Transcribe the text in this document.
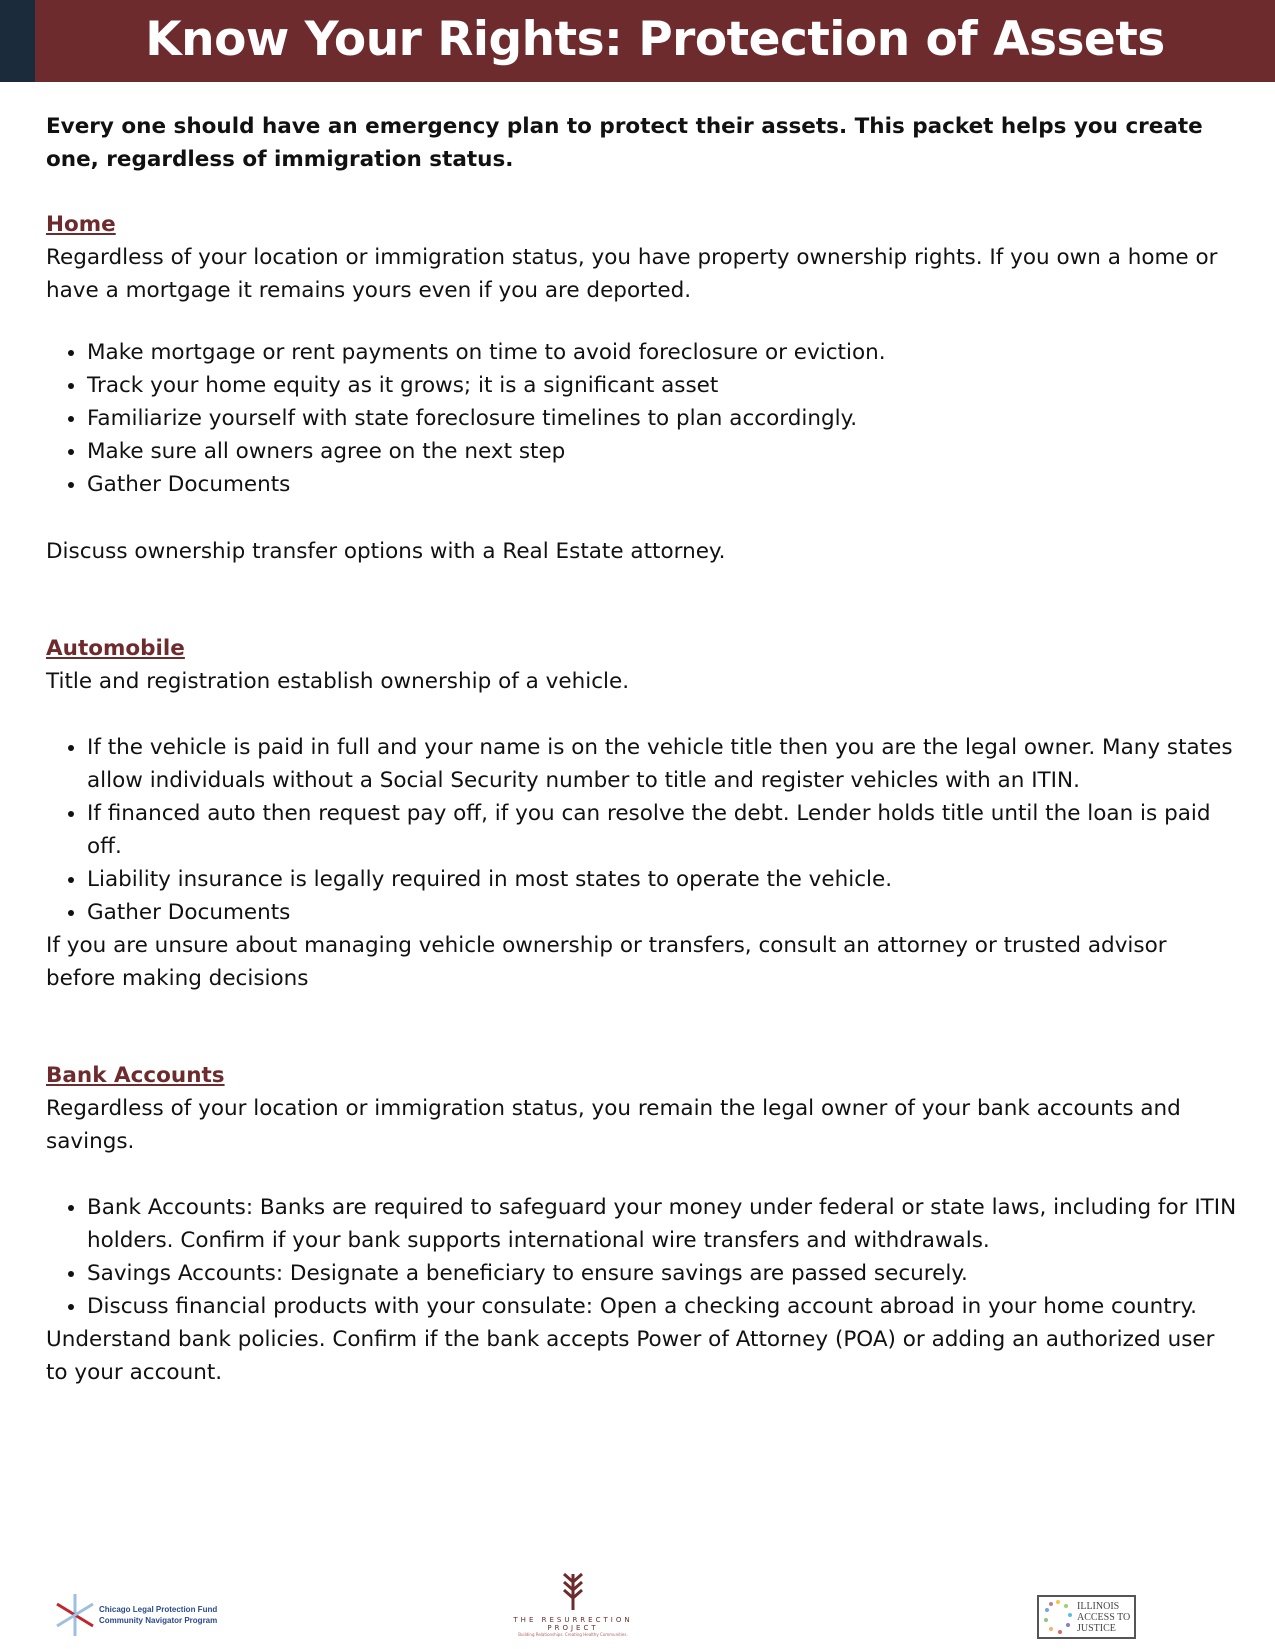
Know Your Rights: Protection of Assets

Every one should have an emergency plan to protect their assets. This packet helps you create one, regardless of immigration status.

Home

Regardless of your location or immigration status, you have property ownership rights. If you own a home or have a mortgage it remains yours even if you are deported.

• Make mortgage or rent payments on time to avoid foreclosure or eviction.
• Track your home equity as it grows; it is a significant asset
• Familiarize yourself with state foreclosure timelines to plan accordingly.
• Make sure all owners agree on the next step
• Gather Documents

Discuss ownership transfer options with a Real Estate attorney.

Automobile

Title and registration establish ownership of a vehicle.

• If the vehicle is paid in full and your name is on the vehicle title then you are the legal owner. Many states allow individuals without a Social Security number to title and register vehicles with an ITIN.
• If financed auto then request pay off, if you can resolve the debt. Lender holds title until the loan is paid off.
• Liability insurance is legally required in most states to operate the vehicle.
• Gather Documents

If you are unsure about managing vehicle ownership or transfers, consult an attorney or trusted advisor before making decisions

Bank Accounts

Regardless of your location or immigration status, you remain the legal owner of your bank accounts and savings.

• Bank Accounts: Banks are required to safeguard your money under federal or state laws, including for ITIN holders. Confirm if your bank supports international wire transfers and withdrawals.
• Savings Accounts: Designate a beneficiary to ensure savings are passed securely.
• Discuss financial products with your consulate: Open a checking account abroad in your home country.

Understand bank policies. Confirm if the bank accepts Power of Attorney (POA) or adding an authorized user to your account.

Chicago Legal Protection Fund
Community Navigator Program	THE RESURRECTION PROJECT
Building Relationships. Creating Healthy Communities.
ILLINOIS
ACCESS TO
JUSTICE
